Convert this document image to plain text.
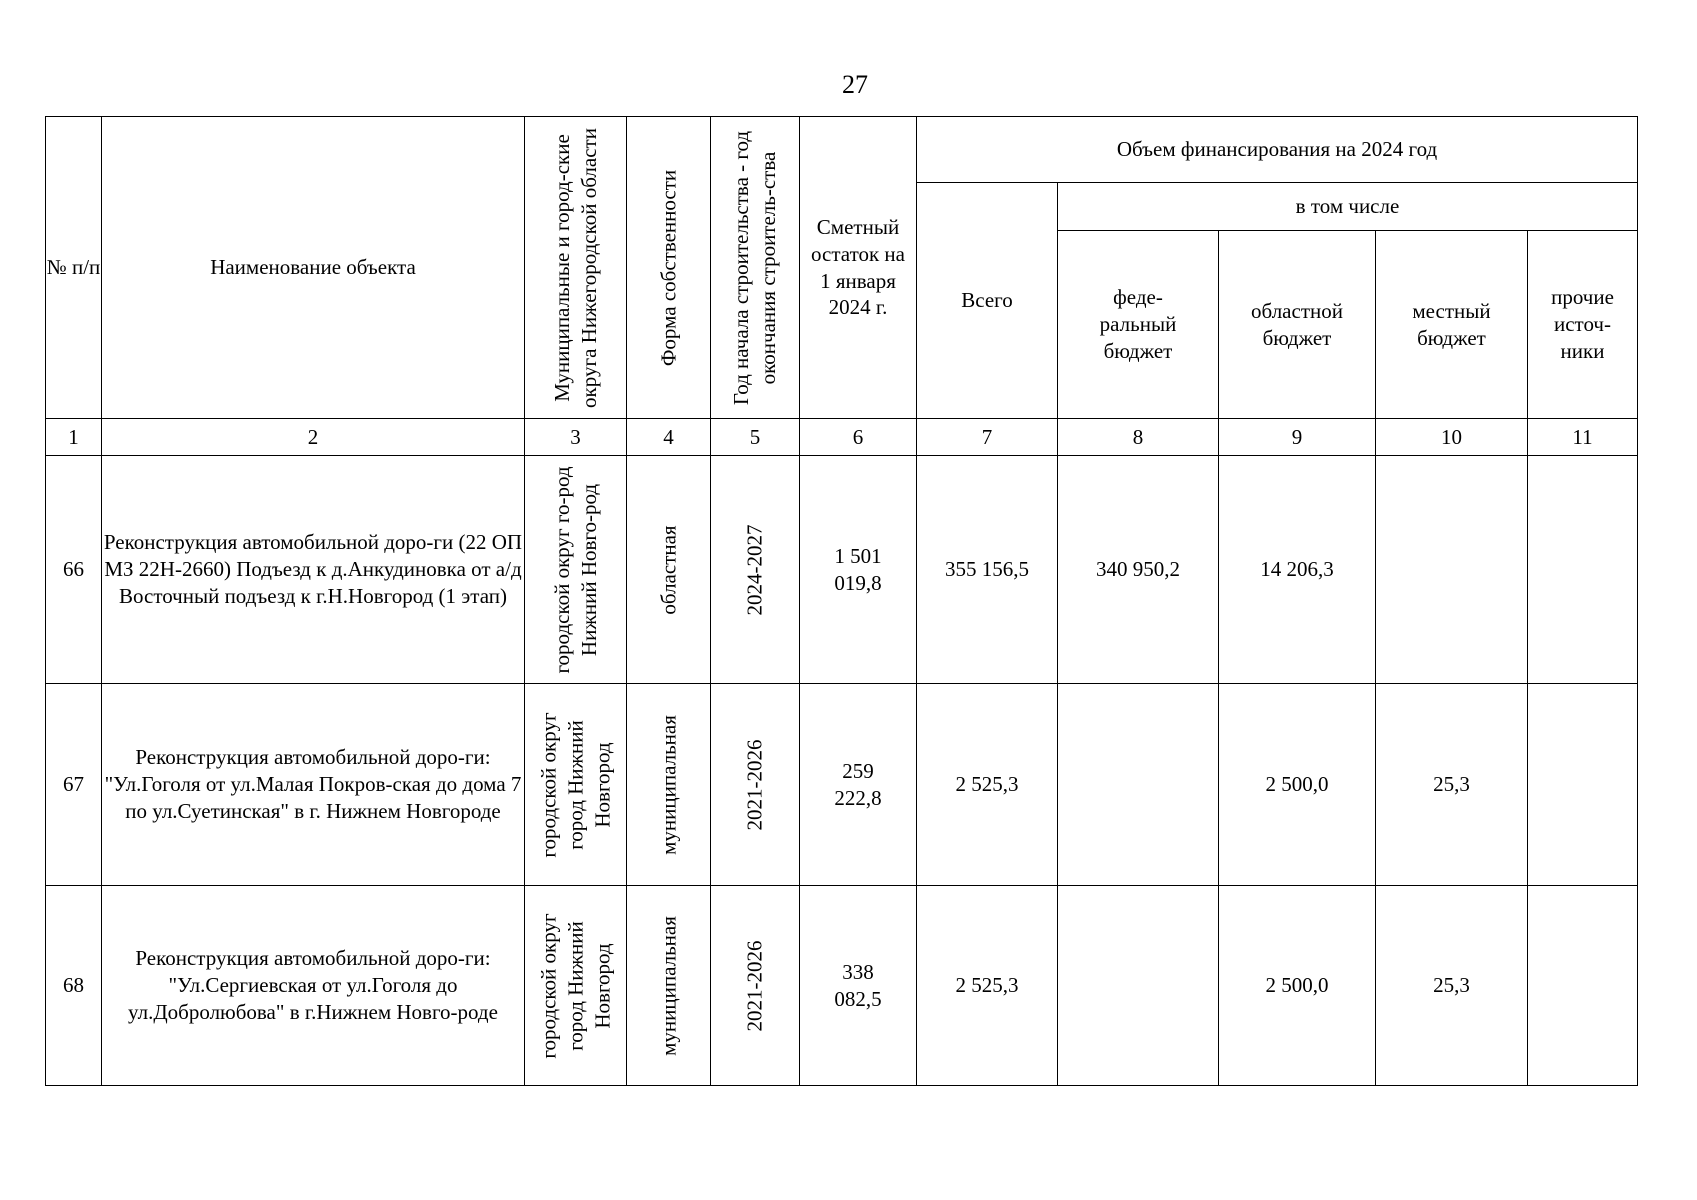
27
№ п/п	Наименование объекта	Муниципальные и город-ские округа Нижегородской области	Форма собственности	Год начала строительства - год окончания строитель-ства	Сметный остаток на 1 января 2024 г.	Объем финансирования на 2024 год				
						Всего	в том числе			
							феде-ральный бюджет	областной бюджет	местный бюджет	прочие источ-ники
1	2	3	4	5	6	7	8	9	10	11
66	Реконструкция автомобильной доро-ги (22 ОП МЗ 22Н-2660) Подъезд к д.Анкудиновка от а/д Восточный подъезд к г.Н.Новгород (1 этап)	городской округ го-род Нижний Новго-род	областная	2024-2027	1 501 019,8	355 156,5	340 950,2	14 206,3		
67	Реконструкция автомобильной доро-ги: "Ул.Гоголя от ул.Малая Покров-ская до дома 7 по ул.Суетинская" в г. Нижнем Новгороде	городской округ город Нижний Новгород	муниципальная	2021-2026	259 222,8	2 525,3		2 500,0	25,3	
68	Реконструкция автомобильной доро-ги: "Ул.Сергиевская от ул.Гоголя до ул.Добролюбова" в г.Нижнем Новго-роде	городской округ город Нижний Новгород	муниципальная	2021-2026	338 082,5	2 525,3		2 500,0	25,3	
